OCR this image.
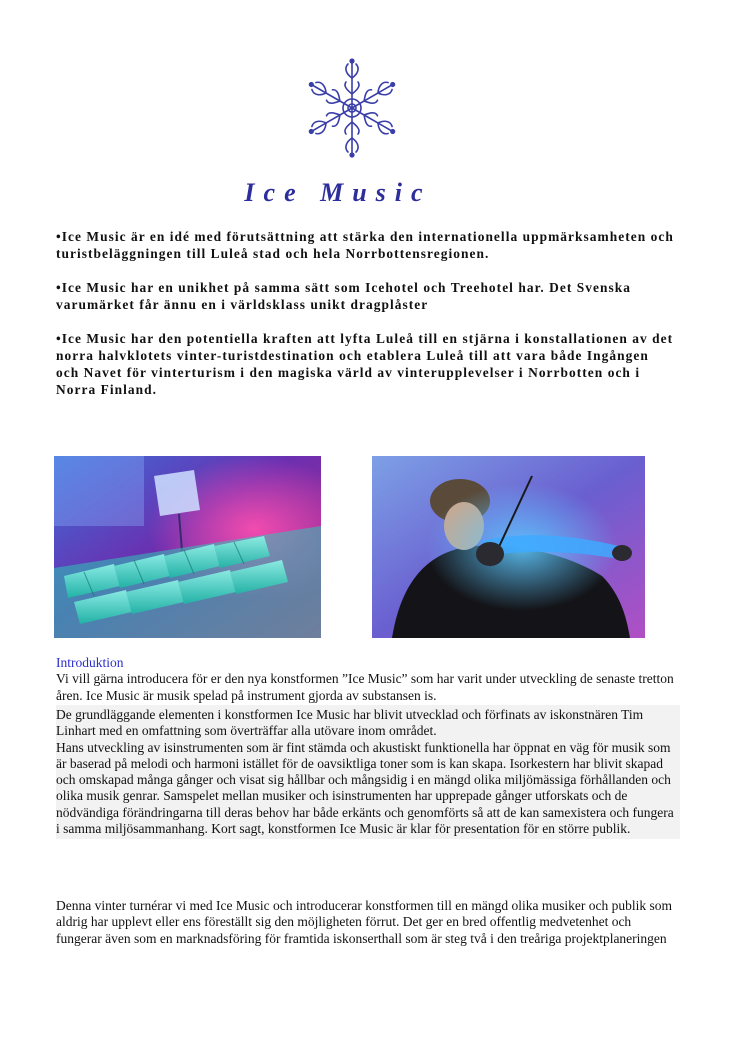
Ice Music

•Ice Music är en idé med förutsättning att stärka den internationella uppmärksamheten och turistbeläggningen till Luleå stad och hela Norrbottensregionen.

•Ice Music har en unikhet på samma sätt som Icehotel och Treehotel har. Det Svenska varumärket får ännu en i världsklass unikt dragplåster

•Ice Music har den potentiella kraften att lyfta Luleå till en stjärna i konstallationen av det norra halvklotets vinter-turistdestination och etablera Luleå till att vara både Ingången och Navet för vinterturism i den magiska värld av vinterupplevelser i Norrbotten och i Norra Finland.

Introduktion

Vi vill gärna introducera för er den nya konstformen ”Ice Music” som har varit under utveckling de senaste tretton åren. Ice Music är musik spelad på instrument gjorda av substansen is.

De grundläggande elementen i konstformen Ice Music har blivit utvecklad och förfinats av iskonstnären Tim Linhart med en omfattning som överträffar alla utövare inom området.

Hans utveckling av isinstrumenten som är fint stämda och akustiskt funktionella har öppnat en väg för musik som är baserad på melodi och harmoni istället för de oavsiktliga toner som is kan skapa. Isorkestern har blivit skapad och omskapad många gånger och visat sig hållbar och mångsidig i en mängd olika miljömässiga förhållanden och olika musik genrar. Samspelet mellan musiker och isinstrumenten har upprepade gånger utforskats och de nödvändiga förändringarna till deras behov har både erkänts och genomförts så att de kan samexistera och fungera i samma miljösammanhang. Kort sagt, konstformen Ice Music är klar för presentation för en större publik.

Denna vinter turnérar vi med Ice Music och introducerar konstformen till en mängd olika musiker och publik som aldrig har upplevt eller ens föreställt sig den möjligheten förrut. Det ger en bred offentlig medvetenhet och fungerar även som en marknadsföring för framtida iskonserthall som är steg två i den treåriga projektplaneringen
